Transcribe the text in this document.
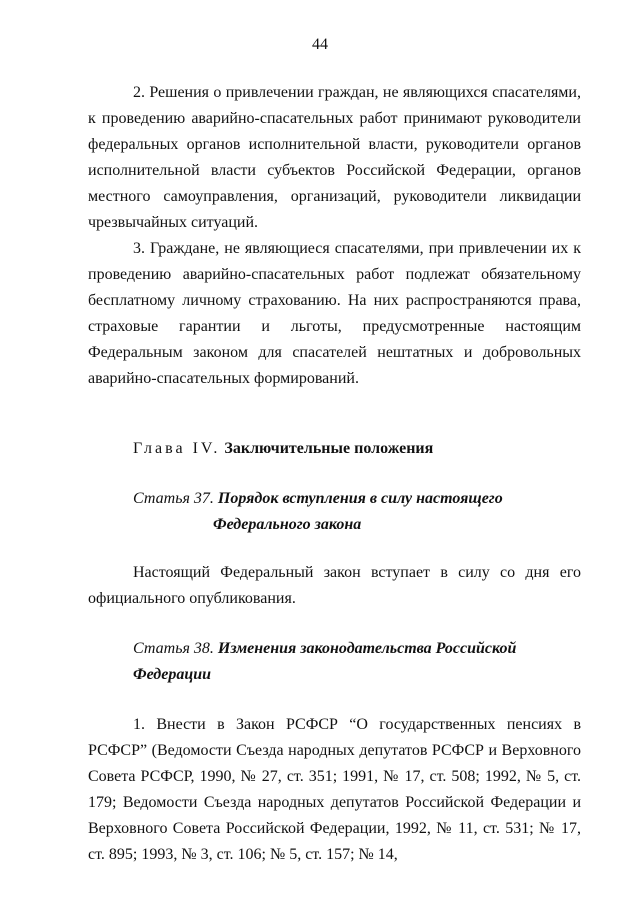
44

2. Решения о привлечении граждан, не являющихся спасателями, к проведению аварийно-спасательных работ принимают руководители федеральных органов исполнительной власти, руководители органов исполнительной власти субъектов Российской Федерации, органов местного самоуправления, организаций, руководители ликвидации чрезвычайных ситуаций.

3. Граждане, не являющиеся спасателями, при привлечении их к проведению аварийно-спасательных работ подлежат обязательному бесплатному личному страхованию. На них распространяются права, страховые гарантии и льготы, предусмотренные настоящим Федеральным законом для спасателей нештатных и добровольных аварийно-спасательных формирований.

Глава IV. Заключительные положения

Статья 37. Порядок вступления в силу настоящего
Федерального закона

Настоящий Федеральный закон вступает в силу со дня его официального опубликования.

Статья 38. Изменения законодательства Российской Федерации

1. Внести в Закон РСФСР “О государственных пенсиях в РСФСР” (Ведомости Съезда народных депутатов РСФСР и Верховного Совета РСФСР, 1990, № 27, ст. 351; 1991, № 17, ст. 508; 1992, № 5, ст. 179; Ведомости Съезда народных депутатов Российской Федерации и Верховного Совета Российской Федерации, 1992, № 11, ст. 531; № 17, ст. 895; 1993, № 3, ст. 106; № 5, ст. 157; № 14,
